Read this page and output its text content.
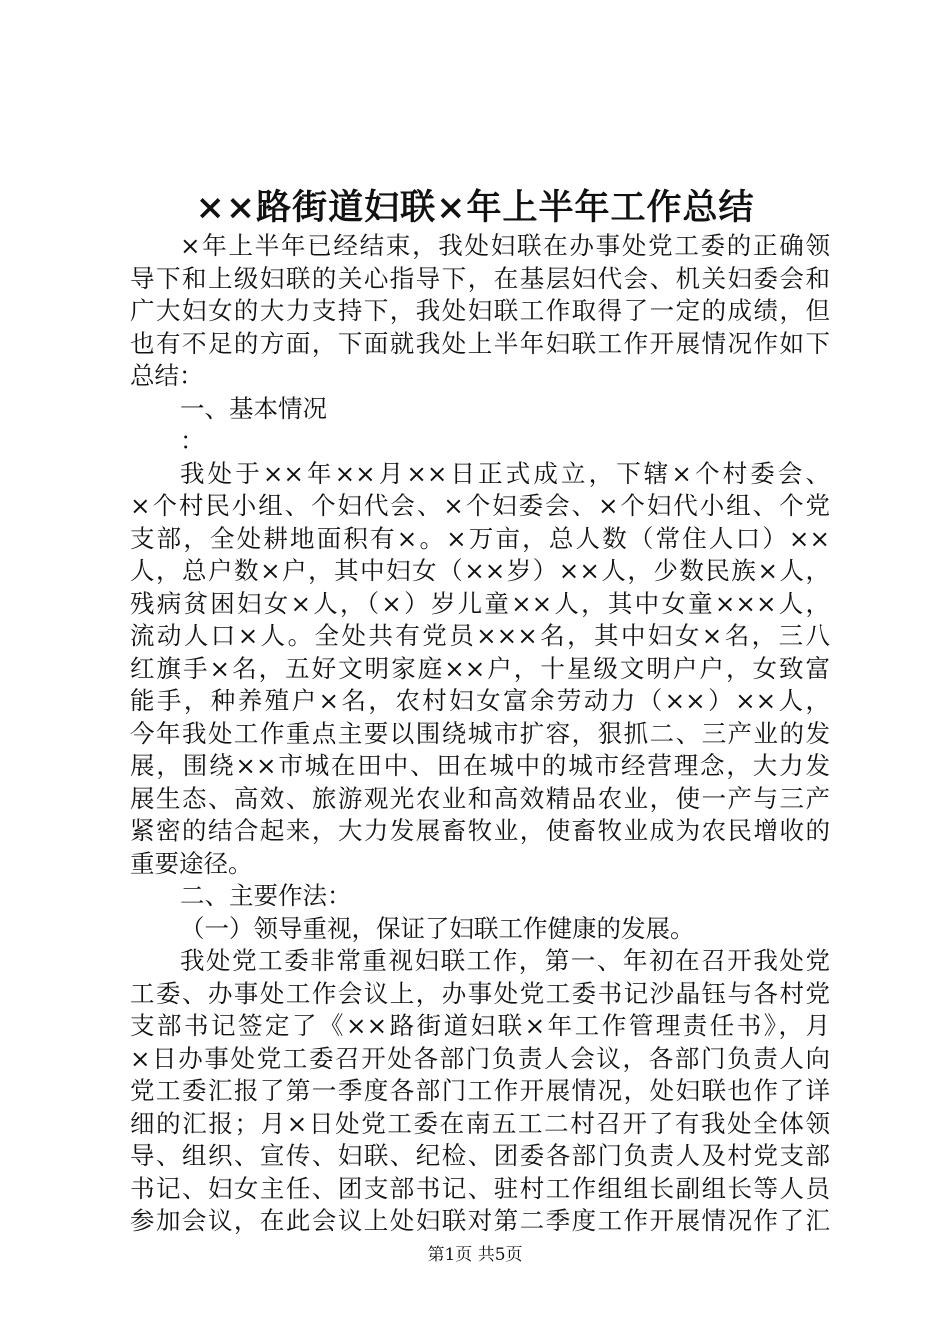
××路街道妇联×年上半年工作总结
×年上半年已经结束，我处妇联在办事处党工委的正确领
导下和上级妇联的关心指导下，在基层妇代会、机关妇委会和
广大妇女的大力支持下，我处妇联工作取得了一定的成绩，但
也有不足的方面，下面就我处上半年妇联工作开展情况作如下
总结：
一、基本情况
：
我处于××年××月××日正式成立，下辖×个村委会、
×个村民小组、个妇代会、×个妇委会、×个妇代小组、个党
支部，全处耕地面积有×。×万亩，总人数（常住人口）××
人，总户数×户，其中妇女（××岁）××人，少数民族×人，
残病贫困妇女×人，（×）岁儿童××人，其中女童×××人，
流动人口×人。全处共有党员×××名，其中妇女×名，三八
红旗手×名，五好文明家庭××户，十星级文明户户，女致富
能手，种养殖户×名，农村妇女富余劳动力（××）××人，
今年我处工作重点主要以围绕城市扩容，狠抓二、三产业的发
展，围绕××市城在田中、田在城中的城市经营理念，大力发
展生态、高效、旅游观光农业和高效精品农业，使一产与三产
紧密的结合起来，大力发展畜牧业，使畜牧业成为农民增收的
重要途径。
二、主要作法：
（一）领导重视，保证了妇联工作健康的发展。
我处党工委非常重视妇联工作，第一、年初在召开我处党
工委、办事处工作会议上，办事处党工委书记沙晶钰与各村党
支部书记签定了《××路街道妇联×年工作管理责任书》，月
×日办事处党工委召开处各部门负责人会议，各部门负责人向
党工委汇报了第一季度各部门工作开展情况，处妇联也作了详
细的汇报；月×日处党工委在南五工二村召开了有我处全体领
导、组织、宣传、妇联、纪检、团委各部门负责人及村党支部
书记、妇女主任、团支部书记、驻村工作组组长副组长等人员
参加会议，在此会议上处妇联对第二季度工作开展情况作了汇
第1页 共5页
